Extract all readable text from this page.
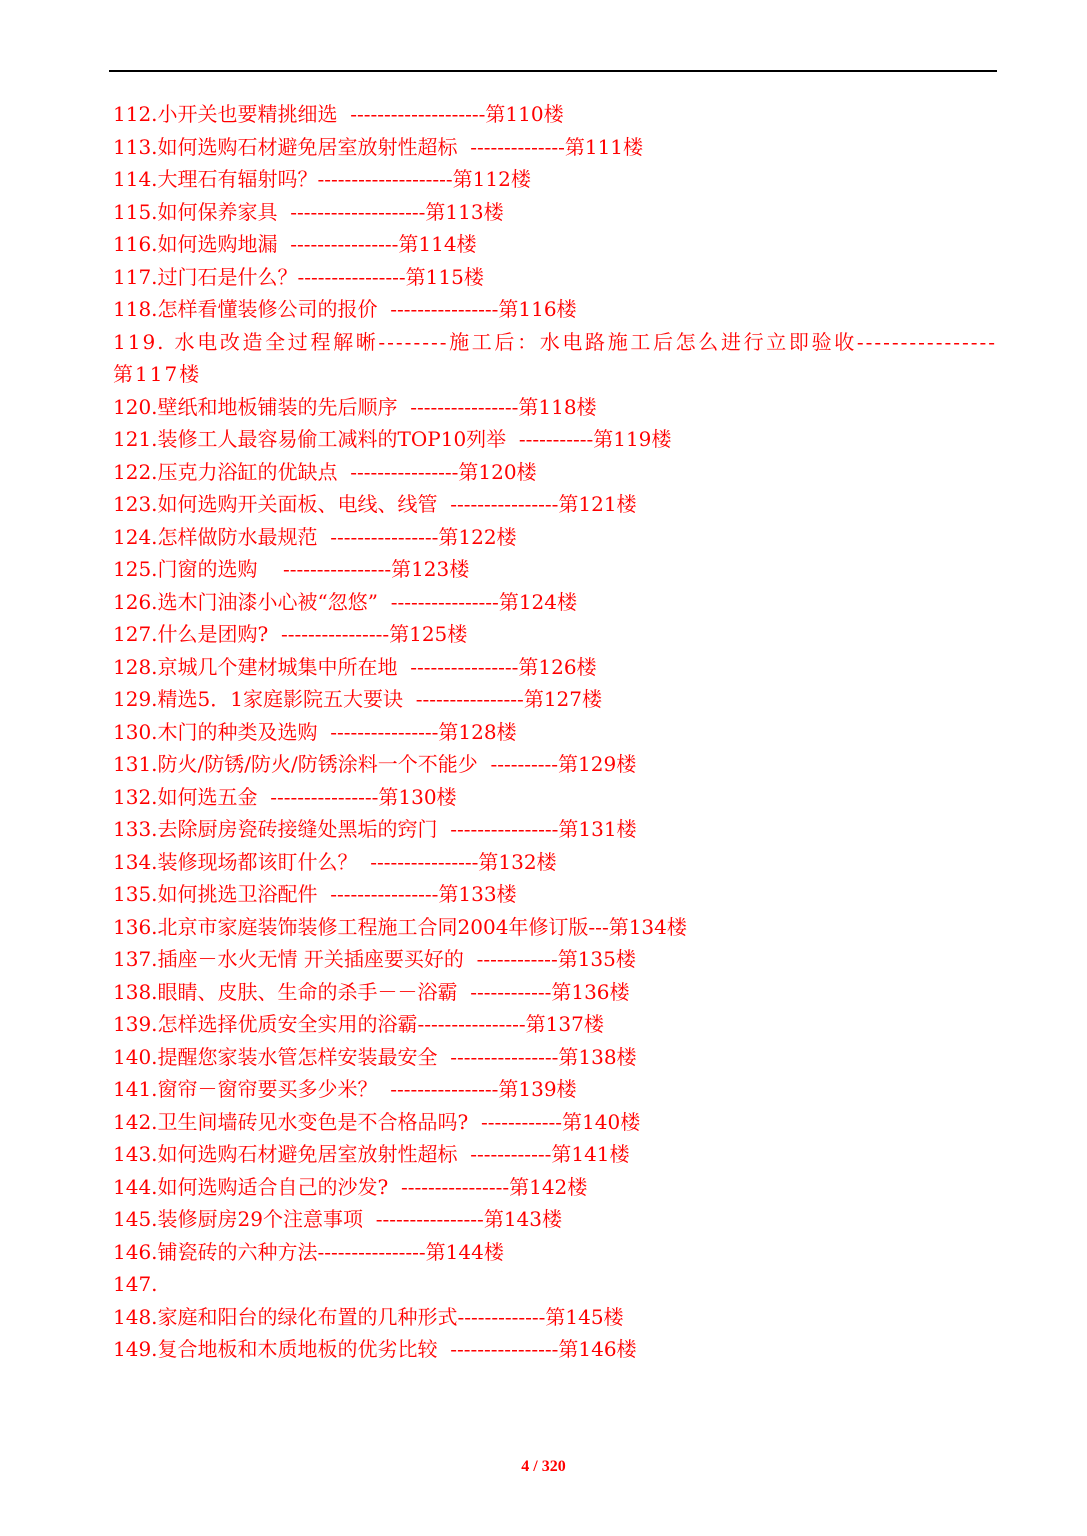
112.小开关也要精挑细选  --------------------第110楼
113.如何选购石材避免居室放射性超标  --------------第111楼
114.大理石有辐射吗？--------------------第112楼
115.如何保养家具  --------------------第113楼
116.如何选购地漏  ----------------第114楼
117.过门石是什么？----------------第115楼
118.怎样看懂装修公司的报价  ----------------第116楼
119. 水电改造全过程解晰--------施工后：水电路施工后怎么进行立即验收----------------第117楼
120.壁纸和地板铺装的先后顺序  ----------------第118楼
121.装修工人最容易偷工减料的TOP10列举  -----------第119楼
122.压克力浴缸的优缺点  ----------------第120楼
123.如何选购开关面板、电线、线管  ----------------第121楼
124.怎样做防水最规范  ----------------第122楼
125.门窗的选购    ----------------第123楼
126.选木门油漆小心被“忽悠”  ----------------第124楼
127.什么是团购?  ----------------第125楼
128.京城几个建材城集中所在地  ----------------第126楼
129.精选5．1家庭影院五大要诀  ----------------第127楼
130.木门的种类及选购  ----------------第128楼
131.防火/防锈/防火/防锈涂料一个不能少  ----------第129楼
132.如何选五金  ----------------第130楼
133.去除厨房瓷砖接缝处黑垢的窍门  ----------------第131楼
134.装修现场都该盯什么？  ----------------第132楼
135.如何挑选卫浴配件  ----------------第133楼
136.北京市家庭装饰装修工程施工合同2004年修订版---第134楼
137.插座－水火无情 开关插座要买好的  ------------第135楼
138.眼睛、皮肤、生命的杀手－－浴霸  ------------第136楼
139.怎样选择优质安全实用的浴霸----------------第137楼
140.提醒您家装水管怎样安装最安全  ----------------第138楼
141.窗帘－窗帘要买多少米？  ----------------第139楼
142.卫生间墙砖见水变色是不合格品吗?  ------------第140楼
143.如何选购石材避免居室放射性超标  ------------第141楼
144.如何选购适合自己的沙发?  ----------------第142楼
145.装修厨房29个注意事项  ----------------第143楼
146.铺瓷砖的六种方法----------------第144楼
147.
148.家庭和阳台的绿化布置的几种形式-------------第145楼
149.复合地板和木质地板的优劣比较  ----------------第146楼
4 / 320
